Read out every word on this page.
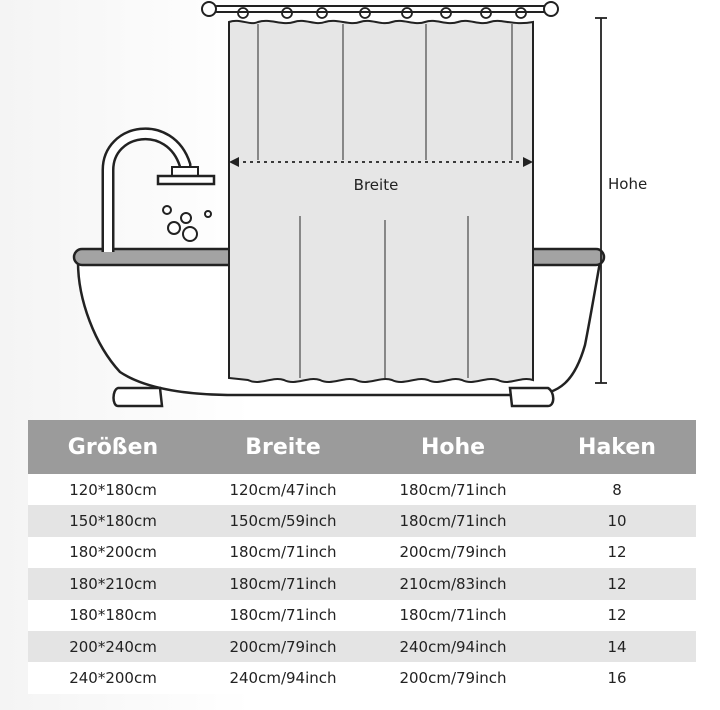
Breite	Hohe
Größen	Breite	Hohe	Haken
120*180cm	120cm/47inch	180cm/71inch	8
150*180cm	150cm/59inch	180cm/71inch	10
180*200cm	180cm/71inch	200cm/79inch	12
180*210cm	180cm/71inch	210cm/83inch	12
180*180cm	180cm/71inch	180cm/71inch	12
200*240cm	200cm/79inch	240cm/94inch	14
240*200cm	240cm/94inch	200cm/79inch	16
